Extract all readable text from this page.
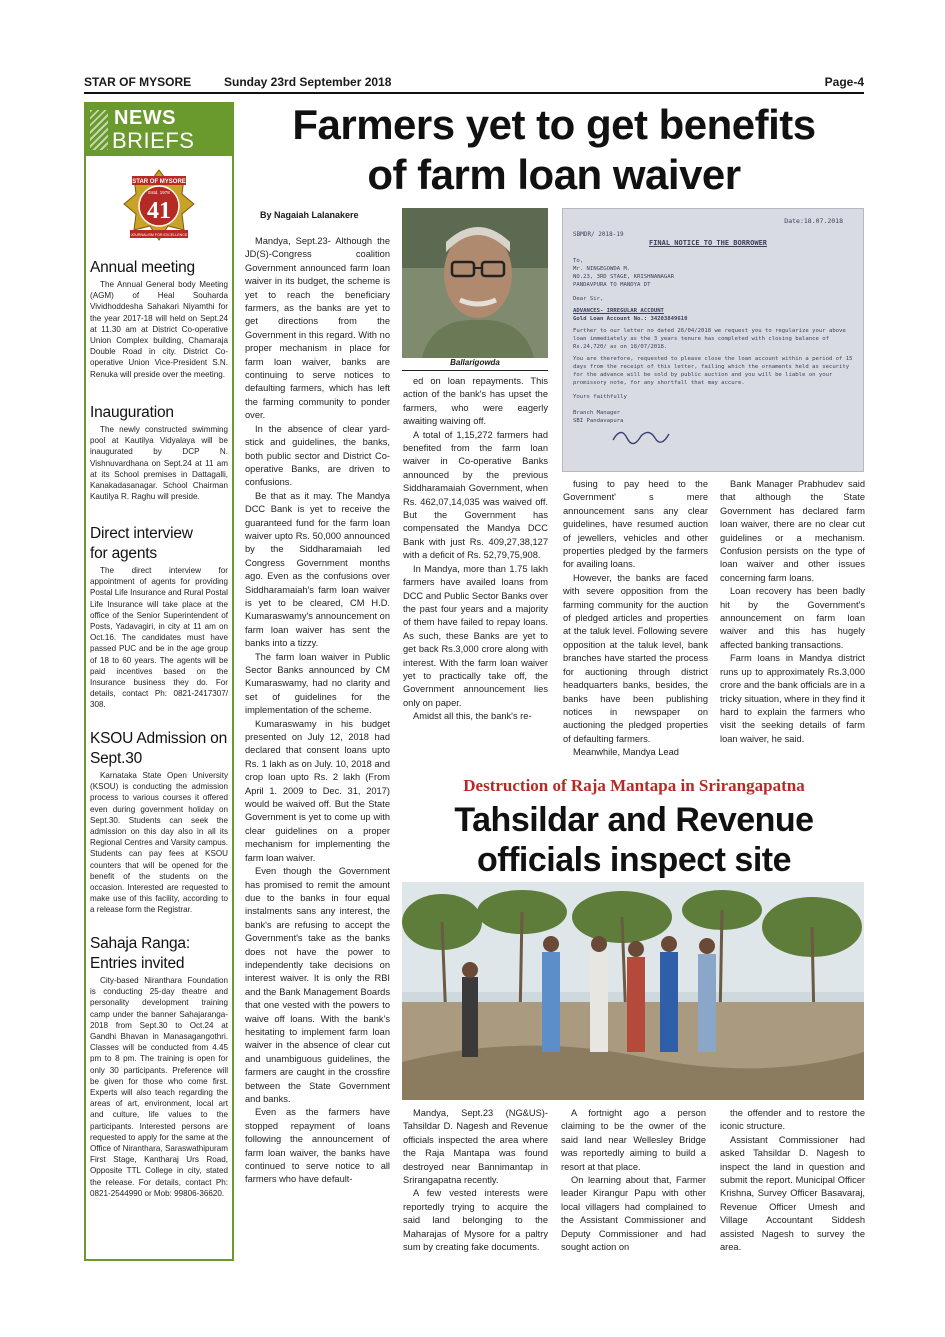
STAR OF MYSORE	Sunday 23rd September 2018	Page-4
NEWS
BRIEFS
STAR OF MYSORE
Estd. 1978
41
JOURNALISM FOR EXCELLENCE
Annual meeting
The Annual General body Meeting (AGM) of Heal Souharda Vividhoddesha Sahakari Niyamthi for the year 2017-18 will held on Sept.24 at 11.30 am at District Co-operative Union Complex building, Chamaraja Double Road in city. District Co-operative Union Vice-President S.N. Renuka will preside over the meeting.
Inauguration
The newly constructed swimming pool at Kautilya Vidyalaya will be inaugurated by DCP N. Vishnuvardhana on Sept.24 at 11 am at its School premises in Dattagalli, Kanakadasanagar. School Chairman Kautilya R. Raghu will preside.
Direct interview for agents
The direct interview for appointment of agents for providing Postal Life Insurance and Rural Postal Life Insurance will take place at the office of the Senior Superintendent of Posts, Yadavagiri, in city at 11 am on Oct.16. The candidates must have passed PUC and be in the age group of 18 to 60 years. The agents will be paid incentives based on the Insurance business they do. For details, contact Ph: 0821-2417307/ 308.
KSOU Admission on Sept.30
Karnataka State Open University (KSOU) is conducting the admission process to various courses it offered even during government holiday on Sept.30. Students can seek the admission on this day also in all its Regional Centres and Varsity campus. Students can pay fees at KSOU counters that will be opened for the benefit of the students on the occasion. Interested are requested to make use of this facility, according to a release form the Registrar.
Sahaja Ranga: Entries invited
City-based Niranthara Foundation is conducting 25-day theatre and personality development training camp under the banner Sahajaranga-2018 from Sept.30 to Oct.24 at Gandhi Bhavan in Manasagangothri. Classes will be conducted from 4.45 pm to 8 pm. The training is open for only 30 participants. Preference will be given for those who come first. Experts will also teach regarding the areas of art, environment, local art and culture, life values to the participants. Interested persons are requested to apply for the same at the Office of Niranthara, Saraswathipuram First Stage, Kantharaj Urs Road, Opposite TTL College in city, stated the release. For details, contact Ph: 0821-2544990 or Mob: 99806-36620.
Farmers yet to get benefits
of farm loan waiver
By Nagaiah Lalanakere

Mandya, Sept.23- Although the JD(S)-Congress coalition Government announced farm loan waiver in its budget, the scheme is yet to reach the beneficiary farmers, as the banks are yet to get directions from the Government in this regard. With no proper mechanism in place for farm loan waiver, banks are continuing to serve notices to defaulting farmers, which has left the farming community to ponder over.

In the absence of clear yard-stick and guidelines, the banks, both public sector and District Co-operative Banks, are driven to confusions.

Be that as it may. The Mandya DCC Bank is yet to receive the guaranteed fund for the farm loan waiver upto Rs. 50,000 announced by the Siddharamaiah led Congress Government months ago. Even as the confusions over Siddharamaiah's farm loan waiver is yet to be cleared, CM H.D. Kumaraswamy's announcement on farm loan waiver has sent the banks into a tizzy.

The farm loan waiver in Public Sector Banks announced by CM Kumaraswamy, had no clarity and set of guidelines for the implementation of the scheme.

Kumaraswamy in his budget presented on July 12, 2018 had declared that consent loans upto Rs. 1 lakh as on July. 10, 2018 and crop loan upto Rs. 2 lakh (From April 1. 2009 to Dec. 31, 2017) would be waived off. But the State Government is yet to come up with clear guidelines on a proper mechanism for implementing the farm loan waiver.

Even though the Government has promised to remit the amount due to the banks in four equal instalments sans any interest, the bank's are refusing to accept the Government's take as the banks does not have the power to independently take decisions on interest waiver. It is only the RBI and the Bank Management Boards that one vested with the powers to waive off loans. With the bank's hesitating to implement farm loan waiver in the absence of clear cut and unambiguous guidelines, the farmers are caught in the crossfire between the State Government and banks.

Even as the farmers have stopped repayment of loans following the announcement of farm loan waiver, the banks have continued to serve notice to all farmers who have default-

Ballarigowda

ed on loan repayments. This action of the bank's has upset the farmers, who were eagerly awaiting waiving off.

A total of 1,15,272 farmers had benefited from the farm loan waiver in Co-operative Banks announced by the previous Siddharamaiah Government, when Rs. 462,07,14,035 was waived off. But the Government has compensated the Mandya DCC Bank with just Rs. 409,27,38,127 with a deficit of Rs. 52,79,75,908.

In Mandya, more than 1.75 lakh farmers have availed loans from DCC and Public Sector Banks over the past four years and a majority of them have failed to repay loans. As such, these Banks are yet to get back Rs.3,000 crore along with interest. With the farm loan waiver yet to practically take off, the Government announcement lies only on paper.

Amidst all this, the bank's re-

SBMDR/ 2018-19
Date:18.07.2018
FINAL NOTICE TO THE BORROWER
To,
Mr. NINGEGOWDA M.
NO.23, 3RD STAGE, KRISHNANAGAR
PANDAVPURA TO MANDYA DT
Dear Sir,
ADVANCES- IRREGULAR ACCOUNT
Gold Loan Account No.: 34203849610
Further to our letter no dated 26/04/2018 we request you to regularize your above loan immediately as the 3 years tenure has completed with closing balance of Rs.24,720/ as on 18/07/2018.
You are therefore, requested to please close the loan account within a period of 15 days from the receipt of this letter, failing which the ornaments held as security for the advance will be sold by public auction and you will be liable on your promissory note, for any shortfall that may accure.
Yours faithfully
Branch Manager
SBI Pandavapura

fusing to pay heed to the Government' s mere announcement sans any clear guidelines, have resumed auction of jewellers, vehicles and other properties pledged by the farmers for availing loans.

However, the banks are faced with severe opposition from the farming community for the auction of pledged articles and properties at the taluk level. Following severe opposition at the taluk level, bank branches have started the process for auctioning through district headquarters banks, besides, the banks have been publishing notices in newspaper on auctioning the pledged properties of defaulting farmers.

Meanwhile, Mandya Lead

Bank Manager Prabhudev said that although the State Government has declared farm loan waiver, there are no clear cut guidelines or a mechanism. Confusion persists on the type of loan waiver and other issues concerning farm loans.

Loan recovery has been badly hit by the Government's announcement on farm loan waiver and this has hugely affected banking transactions.

Farm loans in Mandya district runs up to approximately Rs.3,000 crore and the bank officials are in a tricky situation, where in they find it hard to explain the farmers who visit the seeking details of farm loan waiver, he said.

Destruction of Raja Mantapa in Srirangapatna
Tahsildar and Revenue
officials inspect site

Mandya, Sept.23 (NG&US)-Tahsildar D. Nagesh and Revenue officials inspected the area where the Raja Mantapa was found destroyed near Bannimantap in Srirangapatna recently.

A few vested interests were reportedly trying to acquire the said land belonging to the Maharajas of Mysore for a paltry sum by creating fake documents.

A fortnight ago a person claiming to be the owner of the said land near Wellesley Bridge was reportedly aiming to build a resort at that place.

On learning about that, Farmer leader Kirangur Papu with other local villagers had complained to the Assistant Commissioner and Deputy Commissioner and had sought action on

the offender and to restore the iconic structure.

Assistant Commissioner had asked Tahsildar D. Nagesh to inspect the land in question and submit the report. Municipal Officer Krishna, Survey Officer Basavaraj, Revenue Officer Umesh and Village Accountant Siddesh assisted Nagesh to survey the area.
